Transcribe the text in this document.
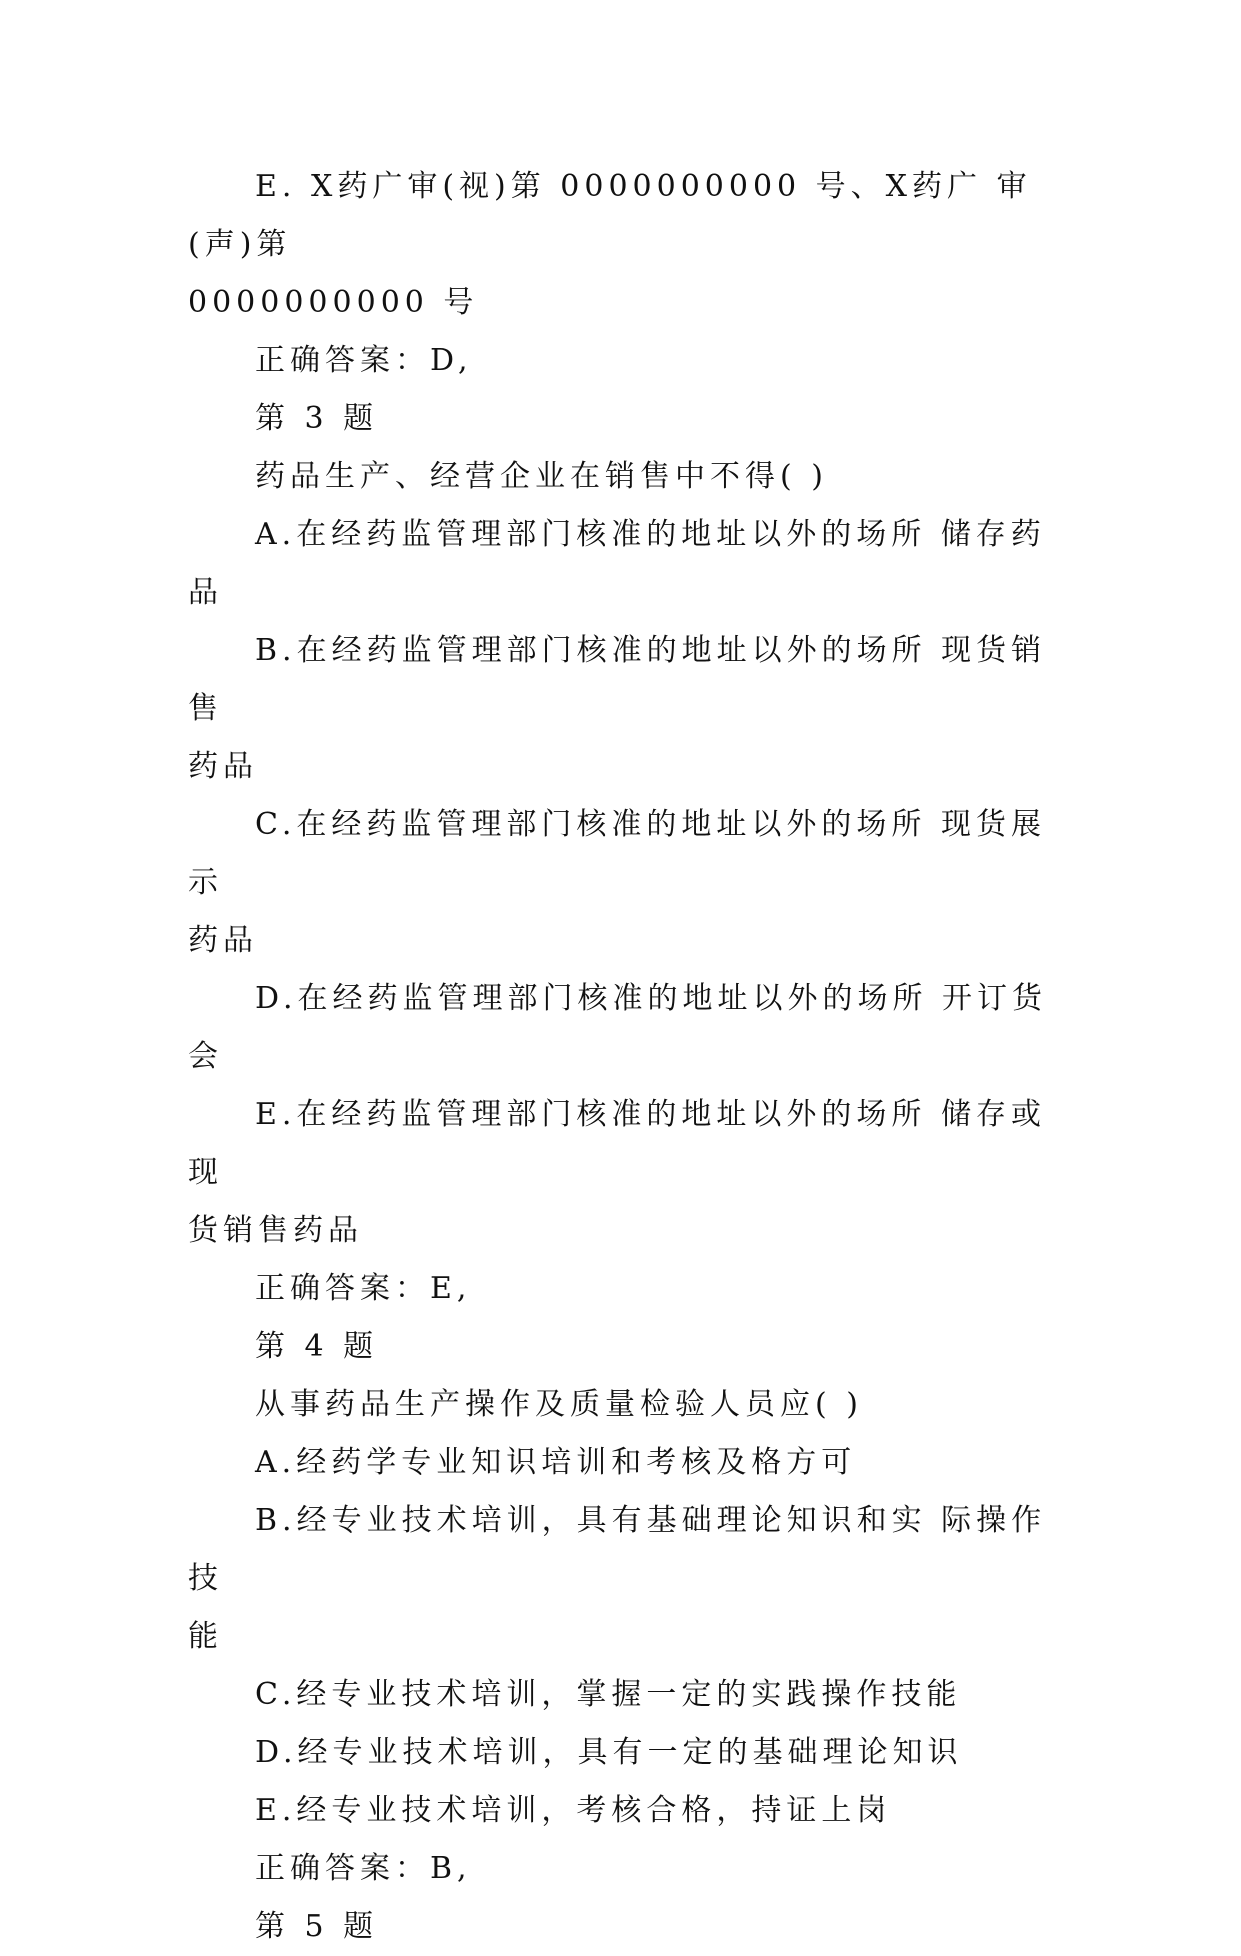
E. X药广审(视)第 0000000000 号、X药广 审(声)第

0000000000 号

正确答案：D,

第 3 题

药品生产、经营企业在销售中不得( )

A.在经药监管理部门核准的地址以外的场所 储存药品

B.在经药监管理部门核准的地址以外的场所 现货销售

药品

C.在经药监管理部门核准的地址以外的场所 现货展示

药品

D.在经药监管理部门核准的地址以外的场所 开订货会

E.在经药监管理部门核准的地址以外的场所 储存或现

货销售药品

正确答案：E,

第 4 题

从事药品生产操作及质量检验人员应( )

A.经药学专业知识培训和考核及格方可

B.经专业技术培训，具有基础理论知识和实 际操作技

能

C.经专业技术培训，掌握一定的实践操作技能

D.经专业技术培训，具有一定的基础理论知识

E.经专业技术培训，考核合格，持证上岗

正确答案：B,

第 5 题
